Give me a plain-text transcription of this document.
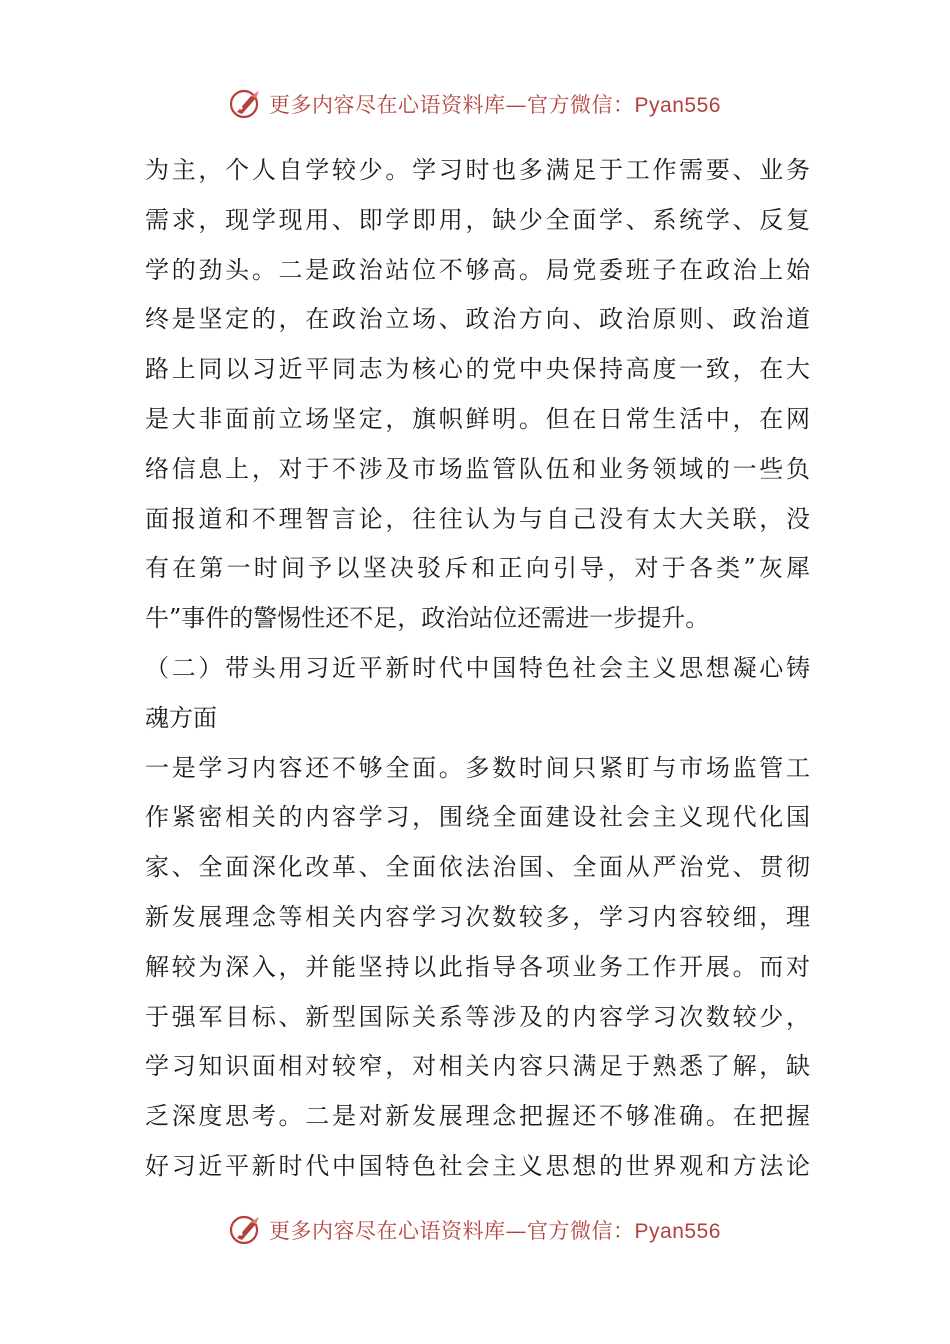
更多内容尽在心语资料库—官方微信：Pyan556
为主，个人自学较少。学习时也多满足于工作需要、业务
需求，现学现用、即学即用，缺少全面学、系统学、反复
学的劲头。二是政治站位不够高。局党委班子在政治上始
终是坚定的，在政治立场、政治方向、政治原则、政治道
路上同以习近平同志为核心的党中央保持高度一致，在大
是大非面前立场坚定，旗帜鲜明。但在日常生活中，在网
络信息上，对于不涉及市场监管队伍和业务领域的一些负
面报道和不理智言论，往往认为与自己没有太大关联，没
有在第一时间予以坚决驳斥和正向引导，对于各类”灰犀
牛”事件的警惕性还不足，政治站位还需进一步提升。
（二）带头用习近平新时代中国特色社会主义思想凝心铸
魂方面
一是学习内容还不够全面。多数时间只紧盯与市场监管工
作紧密相关的内容学习，围绕全面建设社会主义现代化国
家、全面深化改革、全面依法治国、全面从严治党、贯彻
新发展理念等相关内容学习次数较多，学习内容较细，理
解较为深入，并能坚持以此指导各项业务工作开展。而对
于强军目标、新型国际关系等涉及的内容学习次数较少，
学习知识面相对较窄，对相关内容只满足于熟悉了解，缺
乏深度思考。二是对新发展理念把握还不够准确。在把握
好习近平新时代中国特色社会主义思想的世界观和方法论
更多内容尽在心语资料库—官方微信：Pyan556
